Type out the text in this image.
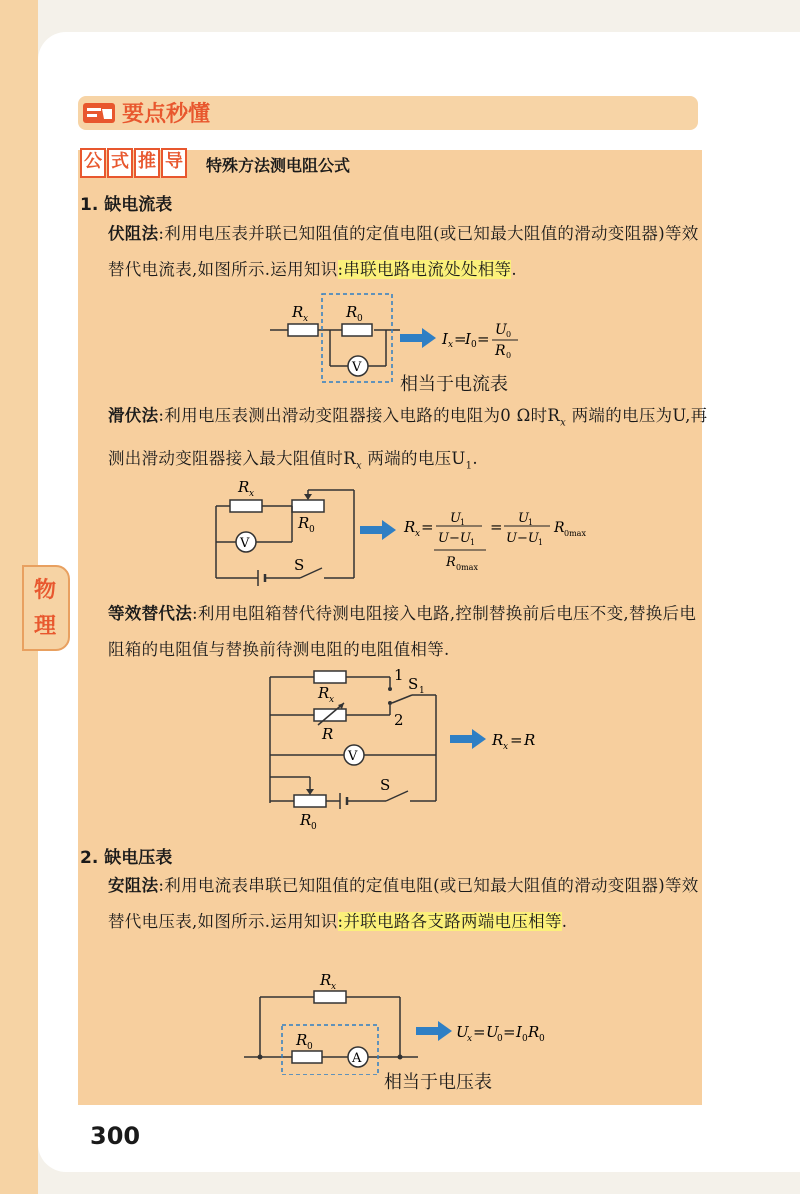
要点秒懂
公 式 推 导 特殊方法测电阻公式
1. 缺电流表
伏阻法:利用电压表并联已知阻值的定值电阻(或已知最大阻值的滑动变阻器)等效替代电流表,如图所示.运用知识:串联电路电流处处相等.
V
R x	R 0
I x =
I 0 = U 0
R 0
相当于电流表
滑伏法:利用电压表测出滑动变阻器接入电路的电阻为0 Ω时$R_x$ 两端的电压为U,再测出滑动变阻器接入最大阻值时$R_x$ 两端的电压$U_1$.
V
S
R x
R 0	R x = U 1
U−U 1
R 0max
= U 1
U−U 1
R 0max
等效替代法:利用电阻箱替代待测电阻接入电路,控制替换前后电压不变,替换后电阻箱的电阻值与替换前待测电阻的电阻值相等.
V
S
1
2
S 1
R x
R
R 0
R x = R
2. 缺电压表
安阻法:利用电流表串联已知阻值的定值电阻(或已知最大阻值的滑动变阻器)等效替代电压表,如图所示.运用知识:并联电路各支路两端电压相等.
A
R x
R 0
U
x = U
0 = I 0 R 0
相当于电压表
物
理
300
